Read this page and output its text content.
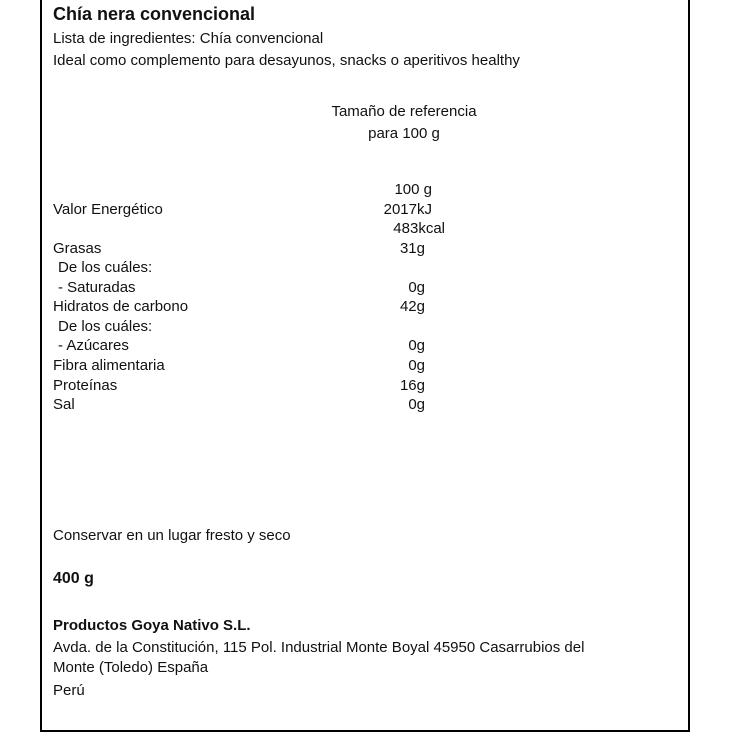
Chía nera convencional
Lista de ingredientes: Chía convencional
Ideal como complemento para desayunos, snacks o aperitivos healthy
Tamaño de referencia
para 100 g
100 g
Valor Energético	2017kJ
483kcal
Grasas	31g
De los cuáles:
- Saturadas	0g
Hidratos de carbono	42g
De los cuáles:
- Azúcares	0g
Fibra alimentaria	0g
Proteínas	16g
Sal	0g
Conservar en un lugar fresto y seco
400 g
Productos Goya Nativo S.L.
Avda. de la Constitución, 115 Pol. Industrial Monte Boyal 45950 Casarrubios del
Monte (Toledo) España
Perú
